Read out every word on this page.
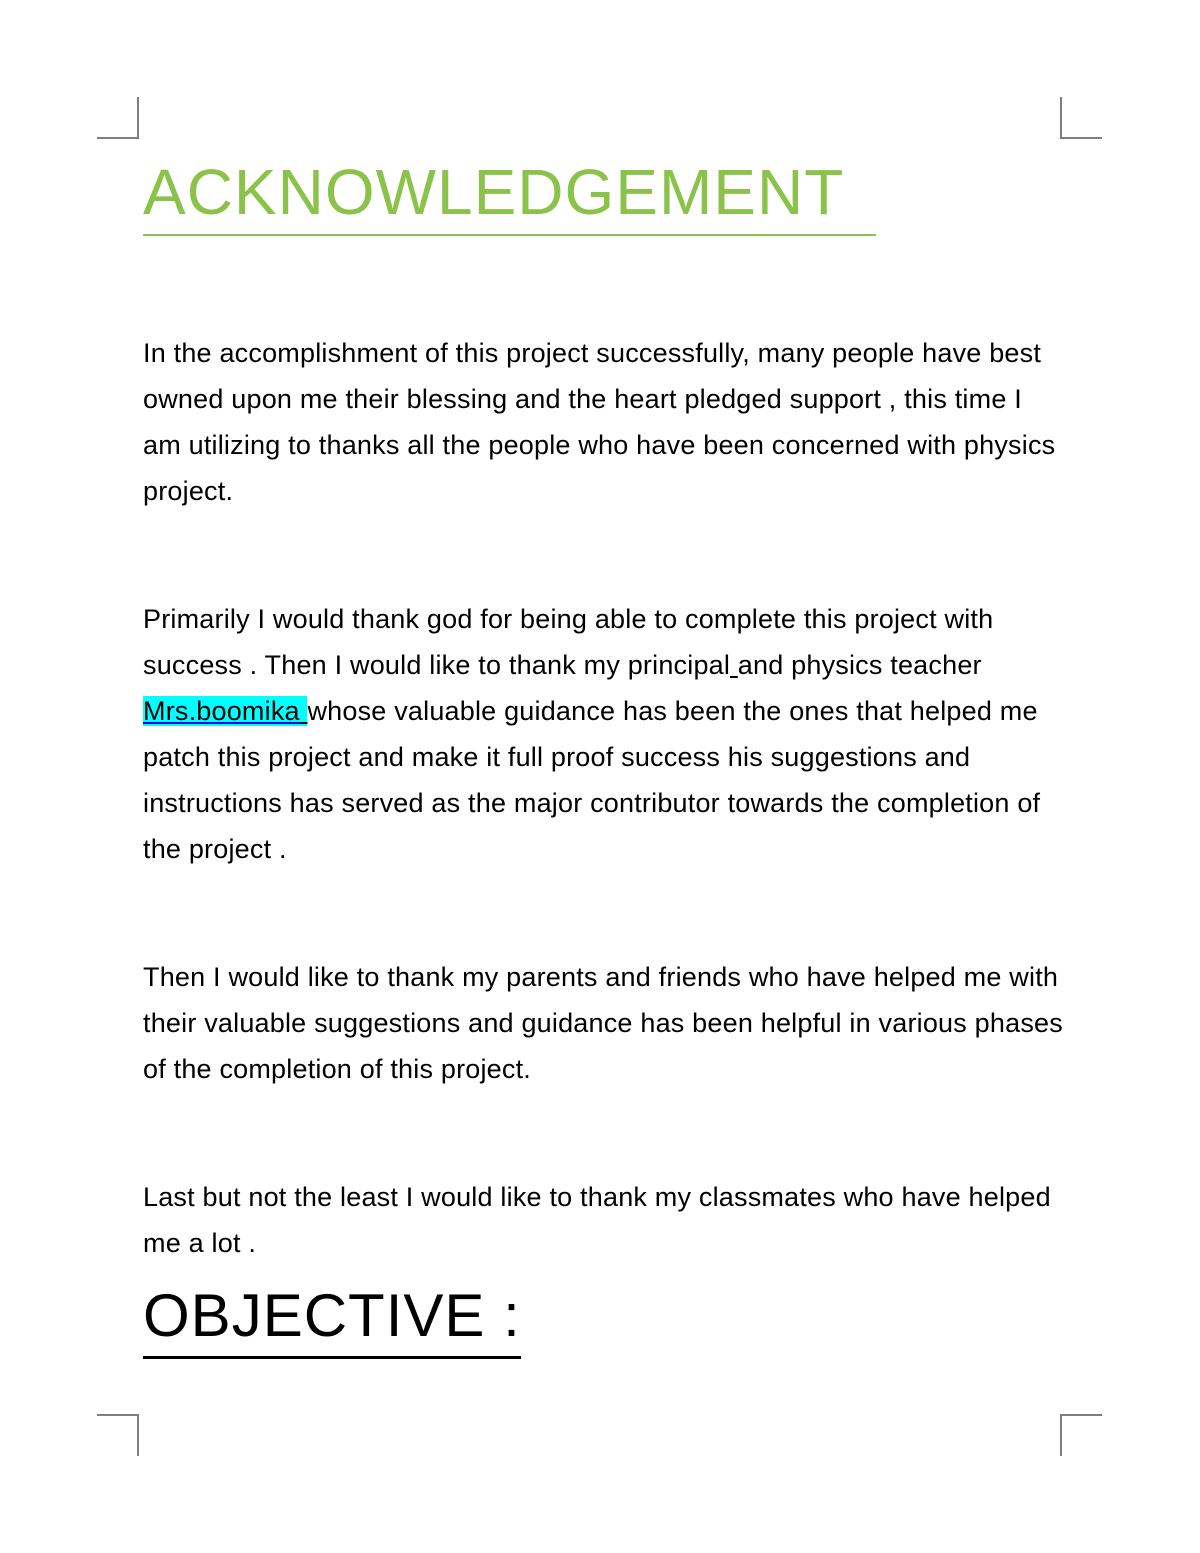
ACKNOWLEDGEMENT

In the accomplishment of this project successfully, many people have best owned upon me their blessing and the heart pledged support , this time I am utilizing to thanks all the people who have been concerned with physics project.

Primarily I would thank god for being able to complete this project with success . Then I would like to thank my principal and physics teacher Mrs.boomika whose valuable guidance has been the ones that helped me patch this project and make it full proof success his suggestions and instructions has served as the major contributor towards the completion of the project .

Then I would like to thank my parents and friends who have helped me with their valuable suggestions and guidance has been helpful in various phases of the completion of this project.

Last but not the least I would like to thank my classmates who have helped me a lot .

OBJECTIVE :
